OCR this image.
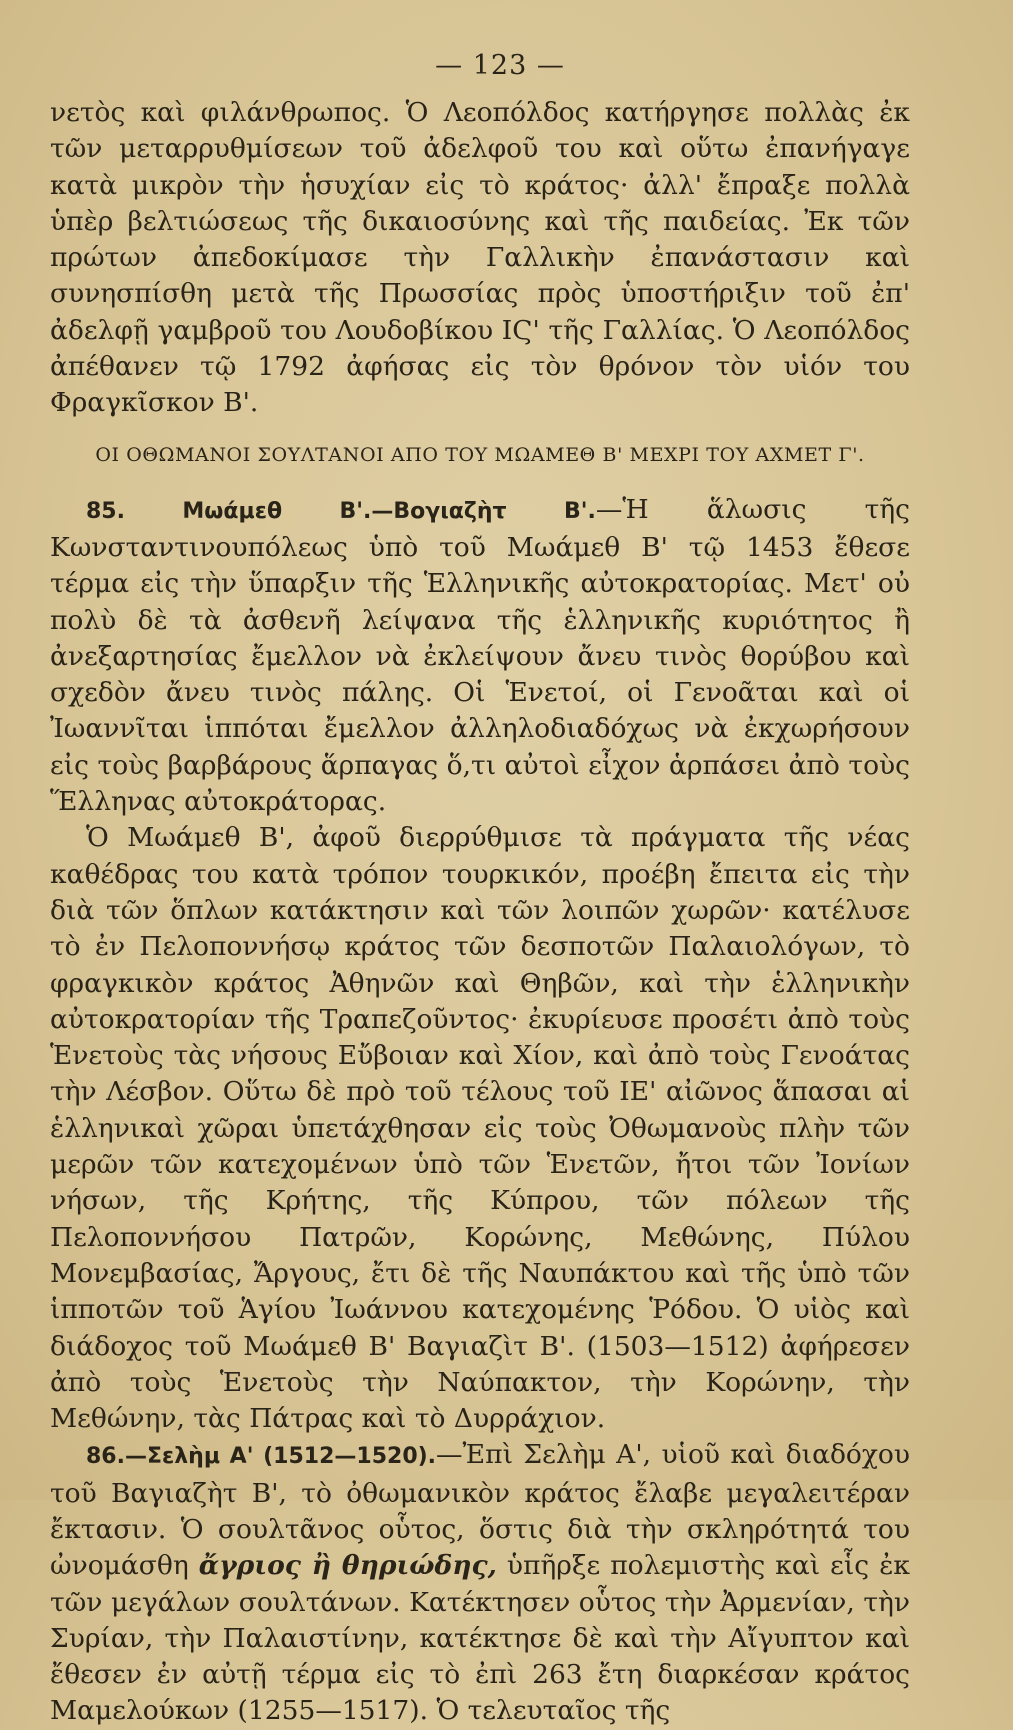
— 123 —

νετὸς καὶ φιλάνθρωπος. Ὁ Λεοπόλδος κατήργησε πολλὰς ἐκ τῶν μεταρρυθμίσεων τοῦ ἀδελφοῦ του καὶ οὕτω ἐπανήγαγε κατὰ μικρὸν τὴν ἡσυχίαν εἰς τὸ κράτος· ἀλλ' ἔπραξε πολλὰ ὑπὲρ βελτιώσεως τῆς δικαιοσύνης καὶ τῆς παιδείας. Ἐκ τῶν πρώτων ἀπεδοκίμασε τὴν Γαλλικὴν ἐπανάστασιν καὶ συνησπίσθη μετὰ τῆς Πρωσσίας πρὸς ὑποστήριξιν τοῦ ἐπ' ἀδελφῇ γαμβροῦ του Λουδοβίκου ΙϚ' τῆς Γαλλίας. Ὁ Λεοπόλδος ἀπέθανεν τῷ 1792 ἀφήσας εἰς τὸν θρόνον τὸν υἱόν του Φραγκῖσκον Β'.

ΟΙ ΟΘΩΜΑΝΟΙ ΣΟΥΛΤΑΝΟΙ ΑΠΟ ΤΟΥ ΜΩΑΜΕΘ Β' ΜΕΧΡΙ ΤΟΥ ΑΧΜΕΤ Γ'.

85. Μωάμεθ Β'.—Βογιαζὴτ Β'.—Ἡ ἅλωσις τῆς Κωνσταντινουπόλεως ὑπὸ τοῦ Μωάμεθ Β' τῷ 1453 ἔθεσε τέρμα εἰς τὴν ὕπαρξιν τῆς Ἑλληνικῆς αὐτοκρατορίας. Μετ' οὐ πολὺ δὲ τὰ ἀσθενῆ λείψανα τῆς ἑλληνικῆς κυριότητος ἢ ἀνεξαρτησίας ἔμελλον νὰ ἐκλείψουν ἄνευ τινὸς θορύβου καὶ σχεδὸν ἄνευ τινὸς πάλης. Οἱ Ἑνετοί, οἱ Γενοᾶται καὶ οἱ Ἰωαννῖται ἱππόται ἔμελλον ἀλληλοδιαδόχως νὰ ἐκχωρήσουν εἰς τοὺς βαρβάρους ἅρπαγας ὅ,τι αὐτοὶ εἶχον ἁρπάσει ἀπὸ τοὺς Ἕλληνας αὐτοκράτορας.

Ὁ Μωάμεθ Β', ἀφοῦ διερρύθμισε τὰ πράγματα τῆς νέας καθέδρας του κατὰ τρόπον τουρκικόν, προέβη ἔπειτα εἰς τὴν διὰ τῶν ὅπλων κατάκτησιν καὶ τῶν λοιπῶν χωρῶν· κατέλυσε τὸ ἐν Πελοποννήσῳ κράτος τῶν δεσποτῶν Παλαιολόγων, τὸ φραγκικὸν κράτος Ἀθηνῶν καὶ Θηβῶν, καὶ τὴν ἑλληνικὴν αὐτοκρατορίαν τῆς Τραπεζοῦντος· ἐκυρίευσε προσέτι ἀπὸ τοὺς Ἑνετοὺς τὰς νήσους Εὔβοιαν καὶ Χίον, καὶ ἀπὸ τοὺς Γενοάτας τὴν Λέσβον. Οὕτω δὲ πρὸ τοῦ τέλους τοῦ ΙΕ' αἰῶνος ἅπασαι αἱ ἑλληνικαὶ χῶραι ὑπετάχθησαν εἰς τοὺς Ὀθωμανοὺς πλὴν τῶν μερῶν τῶν κατεχομένων ὑπὸ τῶν Ἑνετῶν, ἤτοι τῶν Ἰονίων νήσων, τῆς Κρήτης, τῆς Κύπρου, τῶν πόλεων τῆς Πελοποννήσου Πατρῶν, Κορώνης, Μεθώνης, Πύλου Μονεμβασίας, Ἄργους, ἔτι δὲ τῆς Ναυπάκτου καὶ τῆς ὑπὸ τῶν ἱπποτῶν τοῦ Ἁγίου Ἰωάννου κατεχομένης Ῥόδου. Ὁ υἱὸς καὶ διάδοχος τοῦ Μωάμεθ Β' Βαγιαζὶτ Β'. (1503—1512) ἀφήρεσεν ἀπὸ τοὺς Ἑνετοὺς τὴν Ναύπακτον, τὴν Κορώνην, τὴν Μεθώνην, τὰς Πάτρας καὶ τὸ Δυρράχιον.

86.—Σελὴμ Α' (1512—1520).—Ἐπὶ Σελὴμ Α', υἱοῦ καὶ διαδόχου τοῦ Βαγιαζὴτ Β', τὸ ὀθωμανικὸν κράτος ἔλαβε μεγαλειτέραν ἔκτασιν. Ὁ σουλτᾶνος οὗτος, ὅστις διὰ τὴν σκληρότητά του ὠνομάσθη ἄγριος ἢ θηριώδης, ὑπῆρξε πολεμιστὴς καὶ εἷς ἐκ τῶν μεγάλων σουλτάνων. Κατέκτησεν οὗτος τὴν Ἀρμενίαν, τὴν Συρίαν, τὴν Παλαιστίνην, κατέκτησε δὲ καὶ τὴν Αἴγυπτον καὶ ἔθεσεν ἐν αὐτῇ τέρμα εἰς τὸ ἐπὶ 263 ἔτη διαρκέσαν κράτος Μαμελούκων (1255—1517). Ὁ τελευταῖος τῆς
